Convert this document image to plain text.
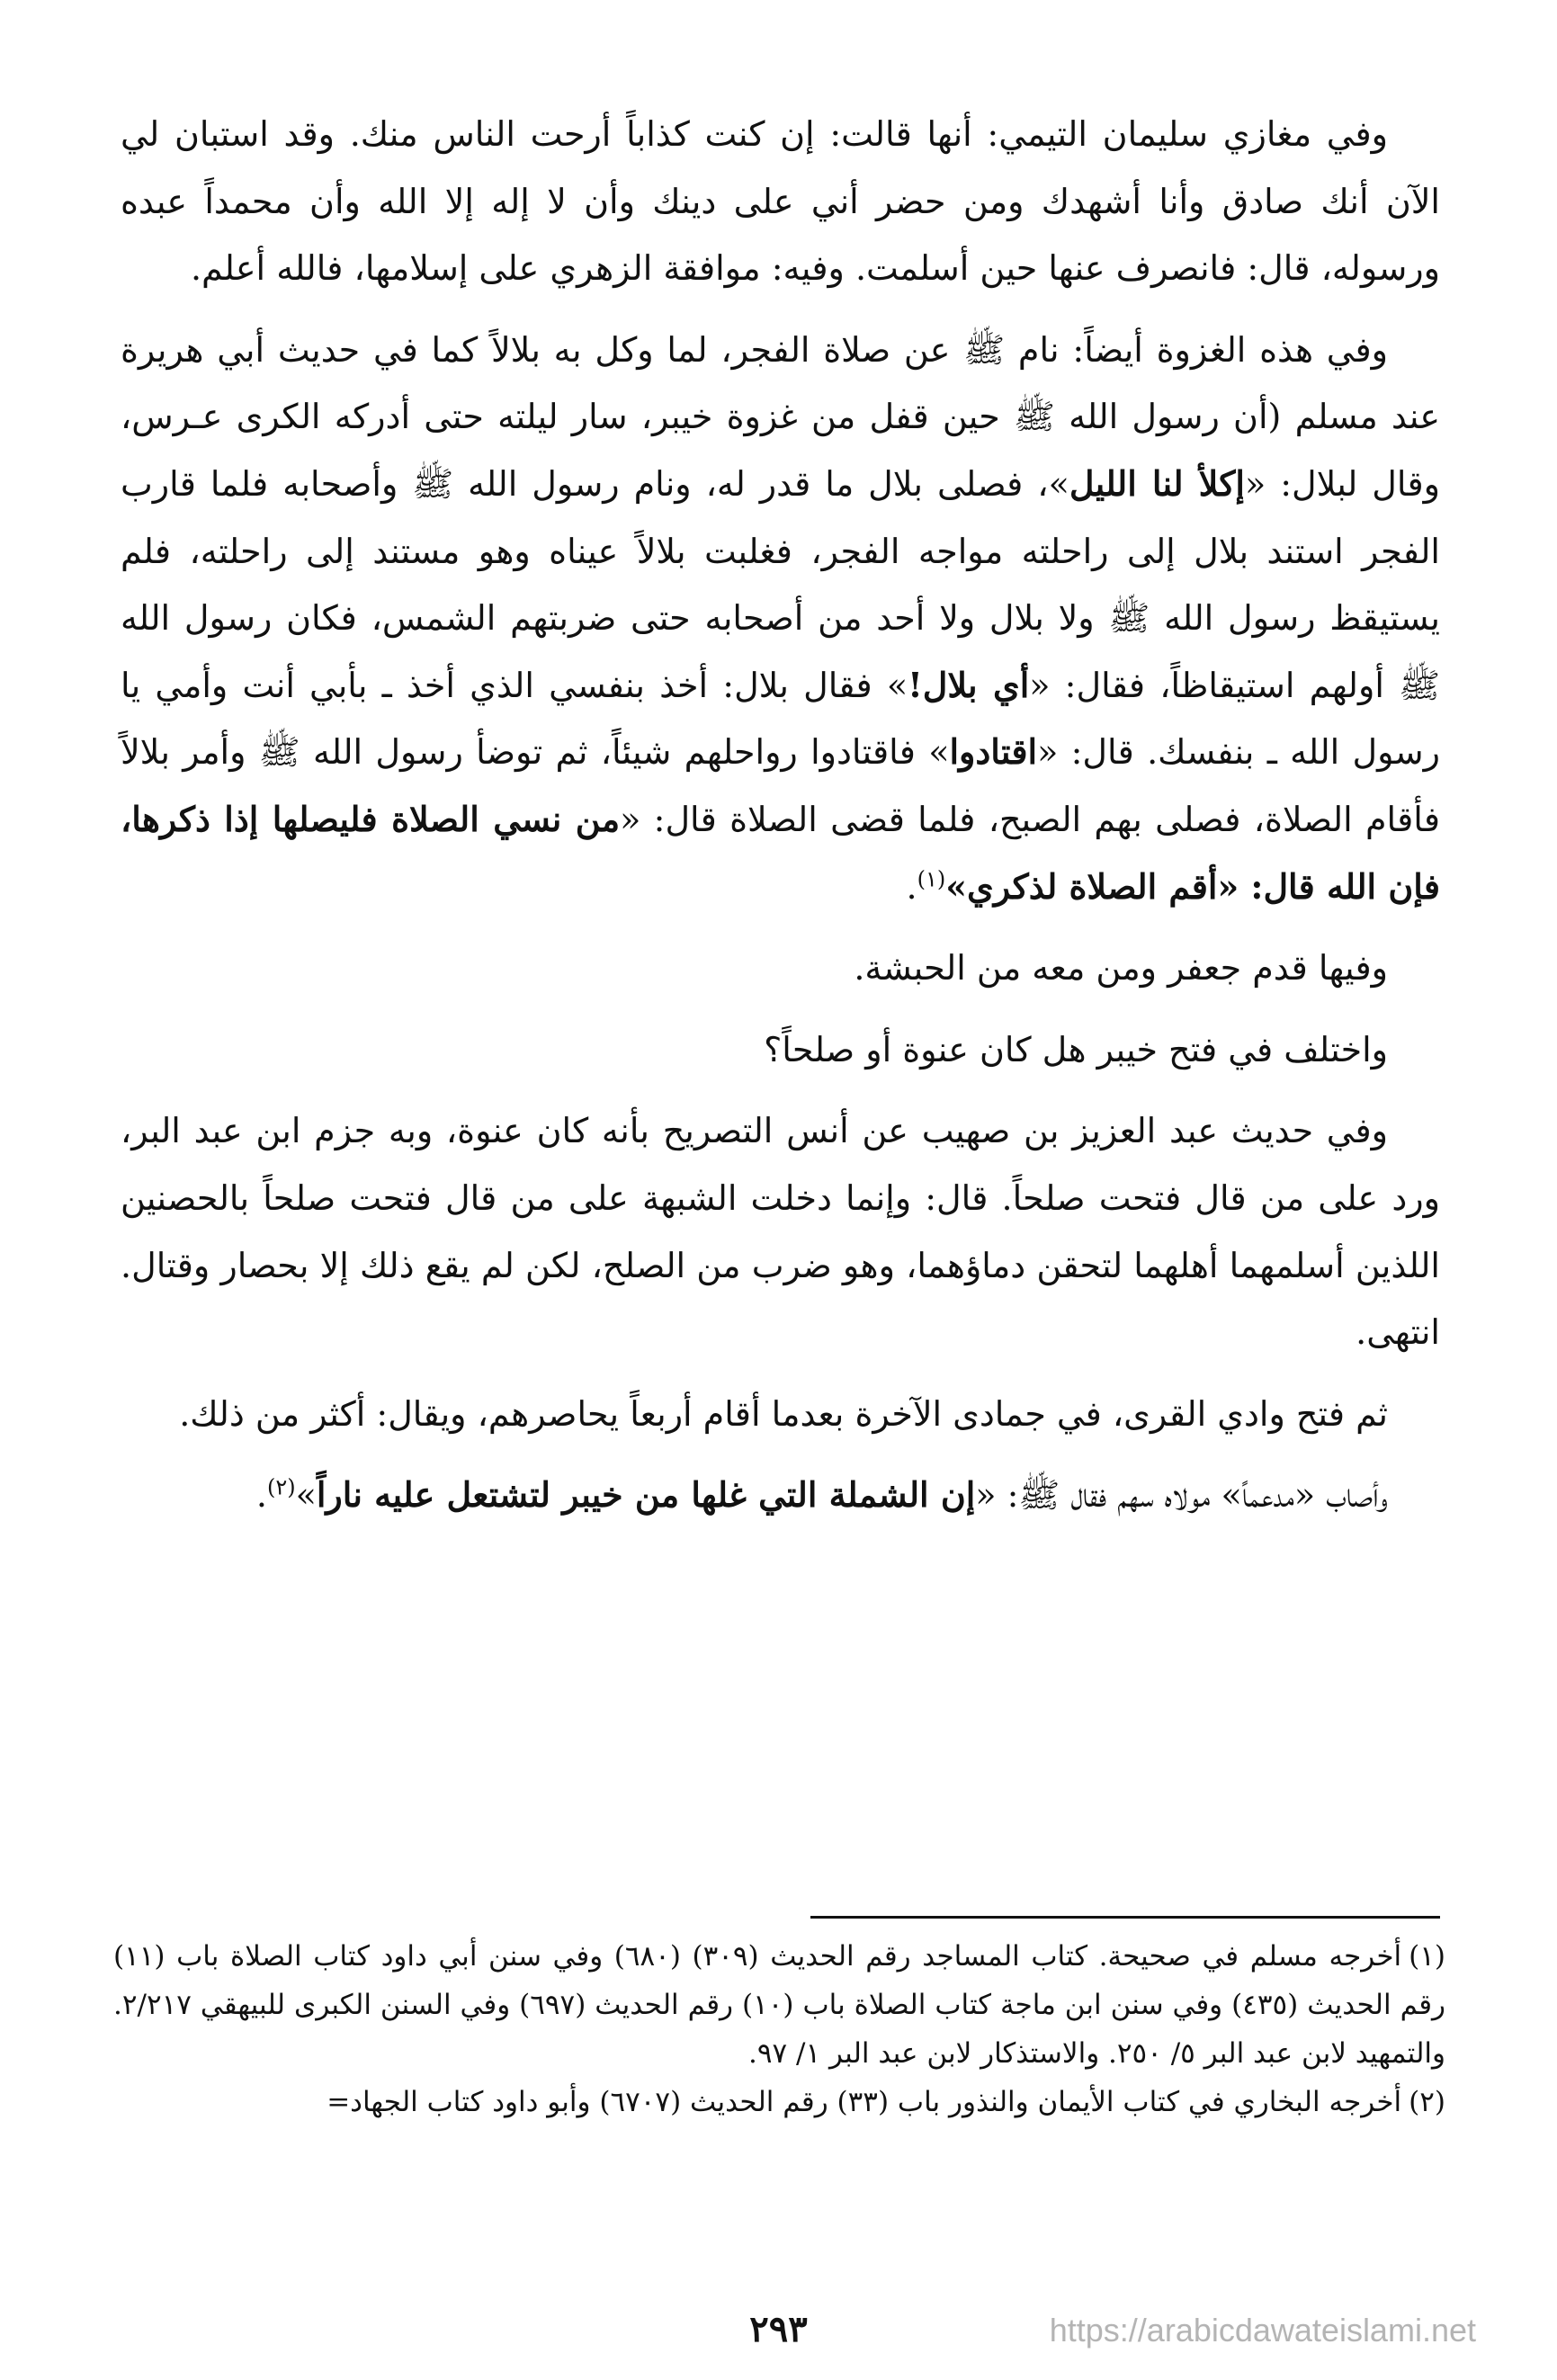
وفي مغازي سليمان التيمي: أنها قالت: إن كنت كذاباً أرحت الناس منك. وقد استبان لي الآن أنك صادق وأنا أشهدك ومن حضر أني على دينك وأن لا إله إلا الله وأن محمداً عبده ورسوله، قال: فانصرف عنها حين أسلمت. وفيه: موافقة الزهري على إسلامها، فالله أعلم.

وفي هذه الغزوة أيضاً: نام ﷺ عن صلاة الفجر، لما وكل به بلالاً كما في حديث أبي هريرة عند مسلم (أن رسول الله ﷺ حين قفل من غزوة خيبر، سار ليلته حتى أدركه الكرى عـرس، وقال لبلال: «إكلأ لنا الليل»، فصلى بلال ما قدر له، ونام رسول الله ﷺ وأصحابه فلما قارب الفجر استند بلال إلى راحلته مواجه الفجر، فغلبت بلالاً عيناه وهو مستند إلى راحلته، فلم يستيقظ رسول الله ﷺ ولا بلال ولا أحد من أصحابه حتى ضربتهم الشمس، فكان رسول الله ﷺ أولهم استيقاظاً، فقال: «أي بلال!» فقال بلال: أخذ بنفسي الذي أخذ ـ بأبي أنت وأمي يا رسول الله ـ بنفسك. قال: «اقتادوا» فاقتادوا رواحلهم شيئاً، ثم توضأ رسول الله ﷺ وأمر بلالاً فأقام الصلاة، فصلى بهم الصبح، فلما قضى الصلاة قال: «من نسي الصلاة فليصلها إذا ذكرها، فإن الله قال: «أقم الصلاة لذكري»$^{(١)}$.

وفيها قدم جعفر ومن معه من الحبشة.

واختلف في فتح خيبر هل كان عنوة أو صلحاً؟

وفي حديث عبد العزيز بن صهيب عن أنس التصريح بأنه كان عنوة، وبه جزم ابن عبد البر، ورد على من قال فتحت صلحاً. قال: وإنما دخلت الشبهة على من قال فتحت صلحاً بالحصنين اللذين أسلمهما أهلهما لتحقن دماؤهما، وهو ضرب من الصلح، لكن لم يقع ذلك إلا بحصار وقتال. انتهى.

ثم فتح وادي القرى، في جمادى الآخرة بعدما أقام أربعاً يحاصرهم، ويقال: أكثر من ذلك.

وأصاب «مدعماً» مولاه سهم فقال ﷺ: «إن الشملة التي غلها من خيبر لتشتعل عليه ناراً»$^{(٢)}$.

(١)أخرجه مسلم في صحيحة. كتاب المساجد رقم الحديث (٣٠٩) (٦٨٠) وفي سنن أبي داود كتاب الصلاة باب (١١) رقم الحديث (٤٣٥) وفي سنن ابن ماجة كتاب الصلاة باب (١٠) رقم الحديث (٦٩٧) وفي السنن الكبرى للبيهقي ٢/٢١٧. والتمهيد لابن عبد البر ٥/ ٢٥٠. والاستذكار لابن عبد البر ١/ ٩٧.

(٢)أخرجه البخاري في كتاب الأيمان والنذور باب (٣٣) رقم الحديث (٦٧٠٧) وأبو داود كتاب الجهاد=

٢٩٣	https://arabicdawateislami.net
